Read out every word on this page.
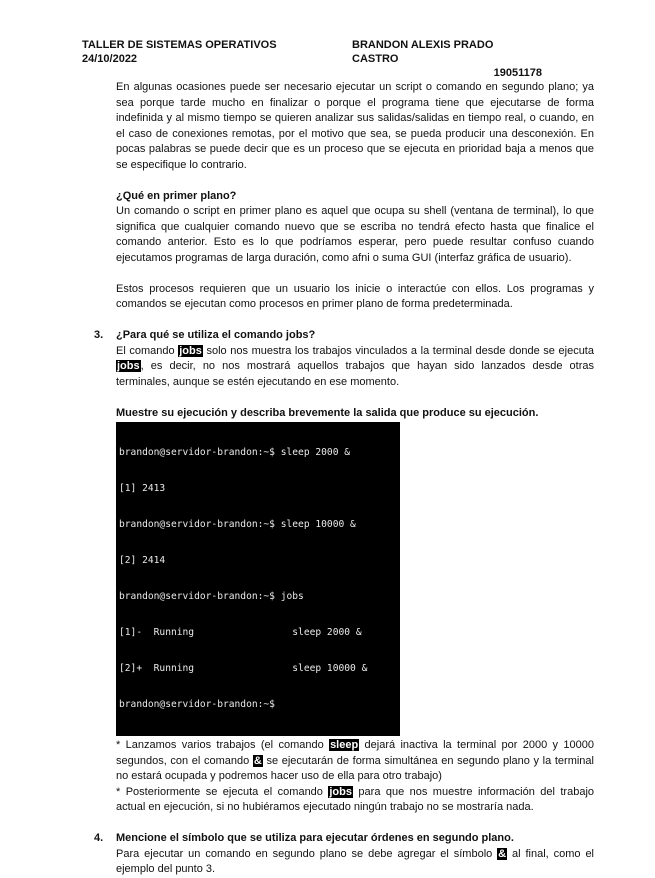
TALLER DE SISTEMAS OPERATIVOS
24/10/2022
BRANDON ALEXIS PRADO CASTRO
19051178

En algunas ocasiones puede ser necesario ejecutar un script o comando en segundo plano; ya sea porque tarde mucho en finalizar o porque el programa tiene que ejecutarse de forma indefinida y al mismo tiempo se quieren analizar sus salidas/salidas en tiempo real, o cuando, en el caso de conexiones remotas, por el motivo que sea, se pueda producir una desconexión. En pocas palabras se puede decir que es un proceso que se ejecuta en prioridad baja a menos que se especifique lo contrario.

¿Qué en primer plano?

Un comando o script en primer plano es aquel que ocupa su shell (ventana de terminal), lo que significa que cualquier comando nuevo que se escriba no tendrá efecto hasta que finalice el comando anterior. Esto es lo que podríamos esperar, pero puede resultar confuso cuando ejecutamos programas de larga duración, como afni o suma GUI (interfaz gráfica de usuario).

Estos procesos requieren que un usuario los inicie o interactúe con ellos. Los programas y comandos se ejecutan como procesos en primer plano de forma predeterminada.

3. ¿Para qué se utiliza el comando jobs?

El comando jobs solo nos muestra los trabajos vinculados a la terminal desde donde se ejecuta jobs, es decir, no nos mostrará aquellos trabajos que hayan sido lanzados desde otras terminales, aunque se estén ejecutando en ese momento.

Muestre su ejecución y describa brevemente la salida que produce su ejecución.

brandon@servidor-brandon:~$ sleep 2000 &

[1] 2413

brandon@servidor-brandon:~$ sleep 10000 &

[2] 2414

brandon@servidor-brandon:~$ jobs

[1]-  Running                 sleep 2000 &

[2]+  Running                 sleep 10000 &

brandon@servidor-brandon:~$

* Lanzamos varios trabajos (el comando sleep dejará inactiva la terminal por 2000 y 10000 segundos, con el comando & se ejecutarán de forma simultánea en segundo plano y la terminal no estará ocupada y podremos hacer uso de ella para otro trabajo)

* Posteriormente se ejecuta el comando jobs para que nos muestre información del trabajo actual en ejecución, si no hubiéramos ejecutado ningún trabajo no se mostraría nada.

4. Mencione el símbolo que se utiliza para ejecutar órdenes en segundo plano.

Para ejecutar un comando en segundo plano se debe agregar el símbolo & al final, como el ejemplo del punto 3.
